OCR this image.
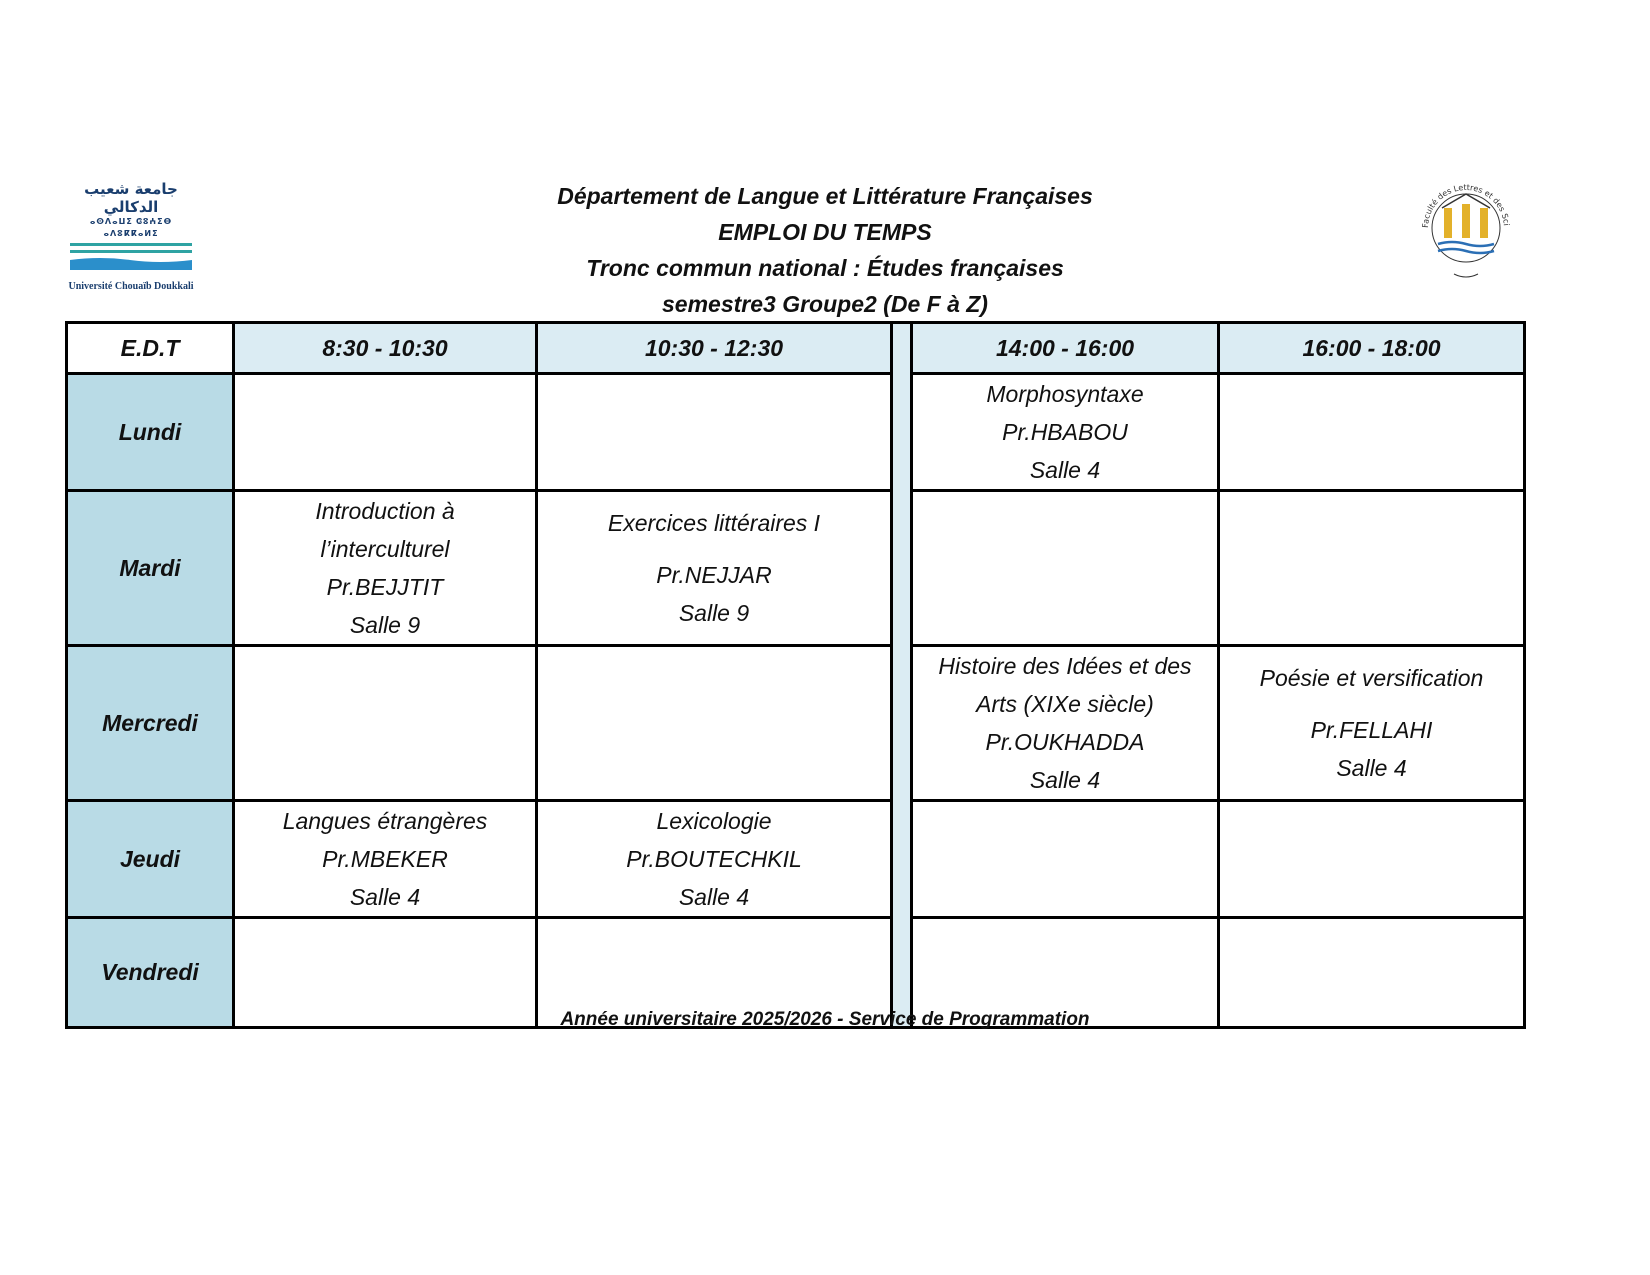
Département de Langue et Littérature Françaises
EMPLOI DU TEMPS
Tronc commun national : Études françaises
semestre3 Groupe2 (De F à Z)
جامعة شعيب الدكالي
ⴰⵙⴷⴰⵡⵉ ⵛⵓⵄⵉⴱ ⴰⴷⵓⴽⴽⴰⵍⵉ
Université Chouaïb Doukkali
Faculté des Lettres et des Sci
E.D.T	8:30 - 10:30	10:30 - 12:30		14:00 - 16:00	16:00 - 18:00
Lundi				Morphosyntaxe
Pr.HBABOU
Salle 4	

Mardi	Introduction à
l’interculturel
Pr.BEJJTIT
Salle 9	Exercices littéraires I
Pr.NEJJAR
Salle 9			

Mercredi				Histoire des Idées et des
Arts (XIXe siècle)
Pr.OUKHADDA
Salle 4	Poésie et versification
Pr.FELLAHI
Salle 4

Jeudi	Langues étrangères
Pr.MBEKER
Salle 4	Lexicologie
Pr.BOUTECHKIL
Salle 4			

Vendredi					
Année universitaire 2025/2026 - Service de Programmation
